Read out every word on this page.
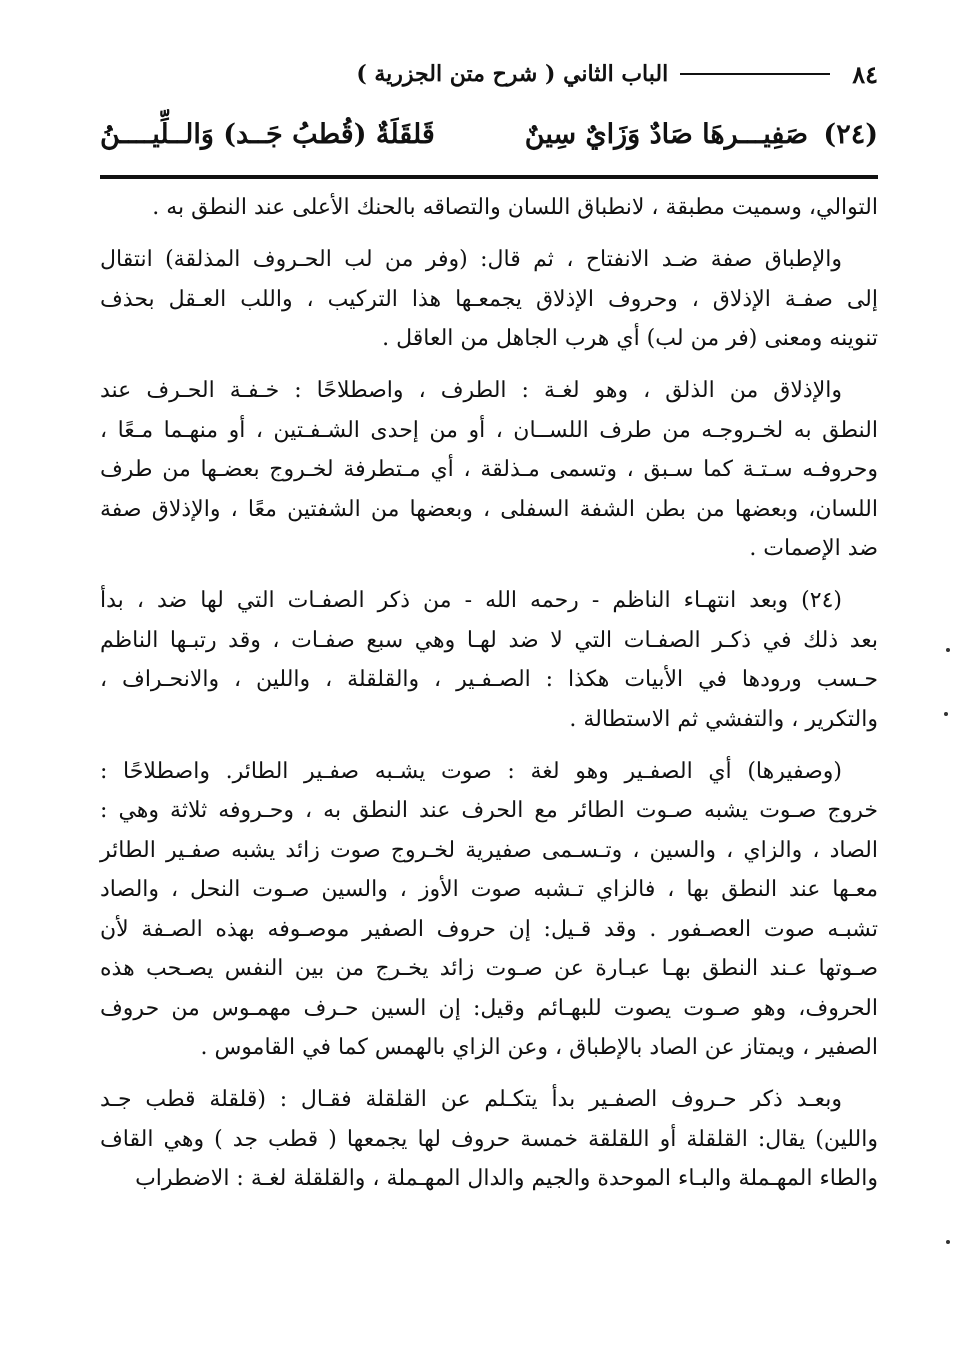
٨٤
الباب الثاني ( شرح متن الجزرية )
(٢٤) صَفِيـــرهَا صَادٌ وَزَايٌ سِينٌ
قَلقَلَةٌ (قُطبُ جَــد) وَالــلِّيــــنُ
التوالي، وسميت مطبقة ، لانطباق اللسان والتصاقه بالحنك الأعلى عند النطق به .
والإطباق صفة ضـد الانفتاح ، ثم قال: (وفر من لب الحـروف المذلقة) انتقال
إلى صفـة الإذلاق ، وحروف الإذلاق يجمعـها هذا التركيب ، واللب العـقل بحذف
تنوينه ومعنى (فر من لب) أي هرب الجاهل من العاقل .
والإذلاق من الذلق ، وهو لغـة : الطرف ، واصطلاحًا : خـفـة الحـرف عند
النطق به لخـروجـه من طرف اللســان ، أو من إحدى الشـفـتين ، أو منهـما مـعًا ،
وحروفـه سـتـة كما سـبق ، وتسمى مـذلقة ، أي مـتطرفة لخـروج بعضـها من طرف
اللسان، وبعضها من بطن الشفة السفلى ، وبعضها من الشفتين معًا ، والإذلاق صفة
ضد الإصمات .
(٢٤) وبعد انتهـاء الناظم - رحمه الله - من ذكر الصفـات التي لها ضد ، بدأ
بعد ذلك في ذكـر الصفـات التي لا ضد لهـا وهي سبع صفـات ، وقد رتبـها الناظم
حـسب ورودها في الأبيات هكذا : الصـفـير ، والقلقلة ، واللين ، والانحـراف ،
والتكرير ، والتفشي ثم الاستطالة .
(وصفيرها) أي الصفـير وهو لغة : صوت يشـبه صفـير الطائر. واصطلاحًا :
خروج صـوت يشبه صـوت الطائر مع الحرف عند النطق به ، وحـروفه ثلاثة وهي :
الصاد ، والزاي ، والسين ، وتـسـمى صفيرية لخـروج صوت زائد يشبه صفـير الطائر
معـها عند النطق بها ، فالزاي تـشبه صوت الأوز ، والسين صـوت النحل ، والصاد
تشبـه صوت العصـفور . وقد قـيل: إن حروف الصفير موصـوفه بهذه الصـفة لأن
صـوتها عـند النطق بهـا عبـارة عن صـوت زائد يخـرج من بين النفس يصـحب هذه
الحروف، وهو صـوت يصوت للبهـائم وقيل: إن السين حـرف مهمـوس من حروف
الصفير ، ويمتاز عن الصاد بالإطباق ، وعن الزاي بالهمس كما في القاموس .
وبعـد ذكر حـروف الصفـير بدأ يتكـلم عن القلقلة فقـال : (قلقلة قطب جـد
واللين) يقال: القلقلة أو اللقلقة خمسة حروف لها يجمعها ( قطب جد ) وهي القاف
والطاء المهـملة والبـاء الموحدة والجيم والدال المهـملة ، والقلقلة لغـة : الاضطراب
